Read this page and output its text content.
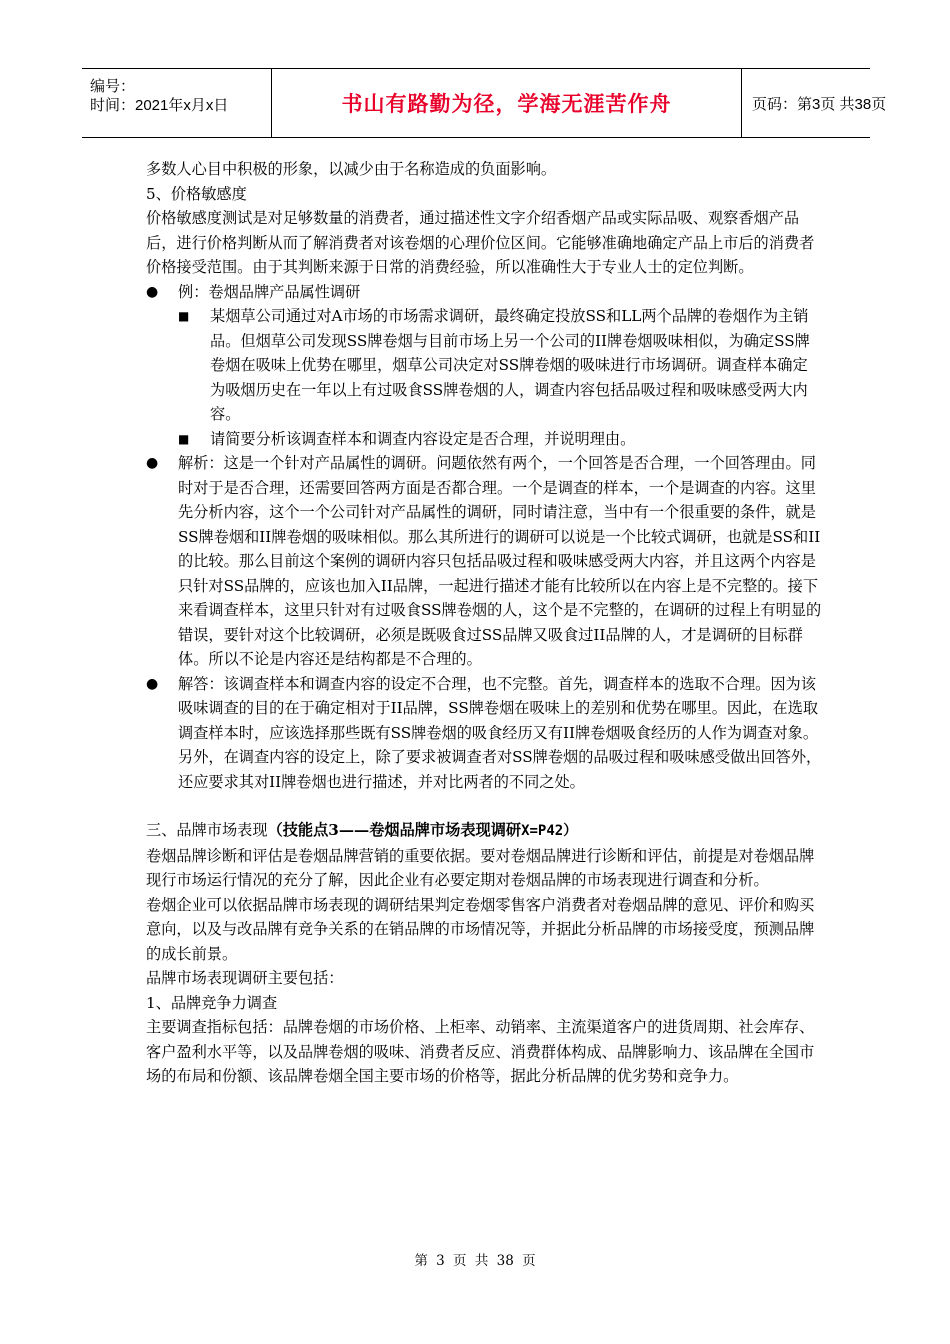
编号：
时间：2021年x月x日	书山有路勤为径，学海无涯苦作舟	页码：第3页 共38页

多数人心目中积极的形象，以减少由于名称造成的负面影响。

5、价格敏感度

价格敏感度测试是对足够数量的消费者，通过描述性文字介绍香烟产品或实际品吸、观察香烟产品后，进行价格判断从而了解消费者对该卷烟的心理价位区间。它能够准确地确定产品上市后的消费者价格接受范围。由于其判断来源于日常的消费经验，所以准确性大于专业人士的定位判断。

● 例：卷烟品牌产品属性调研
■ 某烟草公司通过对A市场的市场需求调研，最终确定投放SS和LL两个品牌的卷烟作为主销品。但烟草公司发现SS牌卷烟与目前市场上另一个公司的II牌卷烟吸味相似，为确定SS牌卷烟在吸味上优势在哪里，烟草公司决定对SS牌卷烟的吸味进行市场调研。调查样本确定为吸烟历史在一年以上有过吸食SS牌卷烟的人，调查内容包括品吸过程和吸味感受两大内容。
■ 请简要分析该调查样本和调查内容设定是否合理，并说明理由。
● 解析：这是一个针对产品属性的调研。问题依然有两个，一个回答是否合理，一个回答理由。同时对于是否合理，还需要回答两方面是否都合理。一个是调查的样本，一个是调查的内容。这里先分析内容，这个一个公司针对产品属性的调研，同时请注意，当中有一个很重要的条件，就是SS牌卷烟和II牌卷烟的吸味相似。那么其所进行的调研可以说是一个比较式调研，也就是SS和II的比较。那么目前这个案例的调研内容只包括品吸过程和吸味感受两大内容，并且这两个内容是只针对SS品牌的，应该也加入II品牌，一起进行描述才能有比较所以在内容上是不完整的。接下来看调查样本，这里只针对有过吸食SS牌卷烟的人，这个是不完整的，在调研的过程上有明显的错误，要针对这个比较调研，必须是既吸食过SS品牌又吸食过II品牌的人，才是调研的目标群体。所以不论是内容还是结构都是不合理的。
● 解答：该调查样本和调查内容的设定不合理，也不完整。首先，调查样本的选取不合理。因为该吸味调查的目的在于确定相对于II品牌，SS牌卷烟在吸味上的差别和优势在哪里。因此，在选取调查样本时，应该选择那些既有SS牌卷烟的吸食经历又有II牌卷烟吸食经历的人作为调查对象。另外，在调查内容的设定上，除了要求被调查者对SS牌卷烟的品吸过程和吸味感受做出回答外，还应要求其对II牌卷烟也进行描述，并对比两者的不同之处。

三、品牌市场表现（技能点3——卷烟品牌市场表现调研X=P42）

卷烟品牌诊断和评估是卷烟品牌营销的重要依据。要对卷烟品牌进行诊断和评估，前提是对卷烟品牌现行市场运行情况的充分了解，因此企业有必要定期对卷烟品牌的市场表现进行调查和分析。

卷烟企业可以依据品牌市场表现的调研结果判定卷烟零售客户消费者对卷烟品牌的意见、评价和购买意向，以及与改品牌有竞争关系的在销品牌的市场情况等，并据此分析品牌的市场接受度，预测品牌的成长前景。

品牌市场表现调研主要包括：

1、品牌竞争力调查

主要调查指标包括：品牌卷烟的市场价格、上柜率、动销率、主流渠道客户的进货周期、社会库存、客户盈利水平等，以及品牌卷烟的吸味、消费者反应、消费群体构成、品牌影响力、该品牌在全国市场的布局和份额、该品牌卷烟全国主要市场的价格等，据此分析品牌的优劣势和竞争力。

第 3 页 共 38 页
